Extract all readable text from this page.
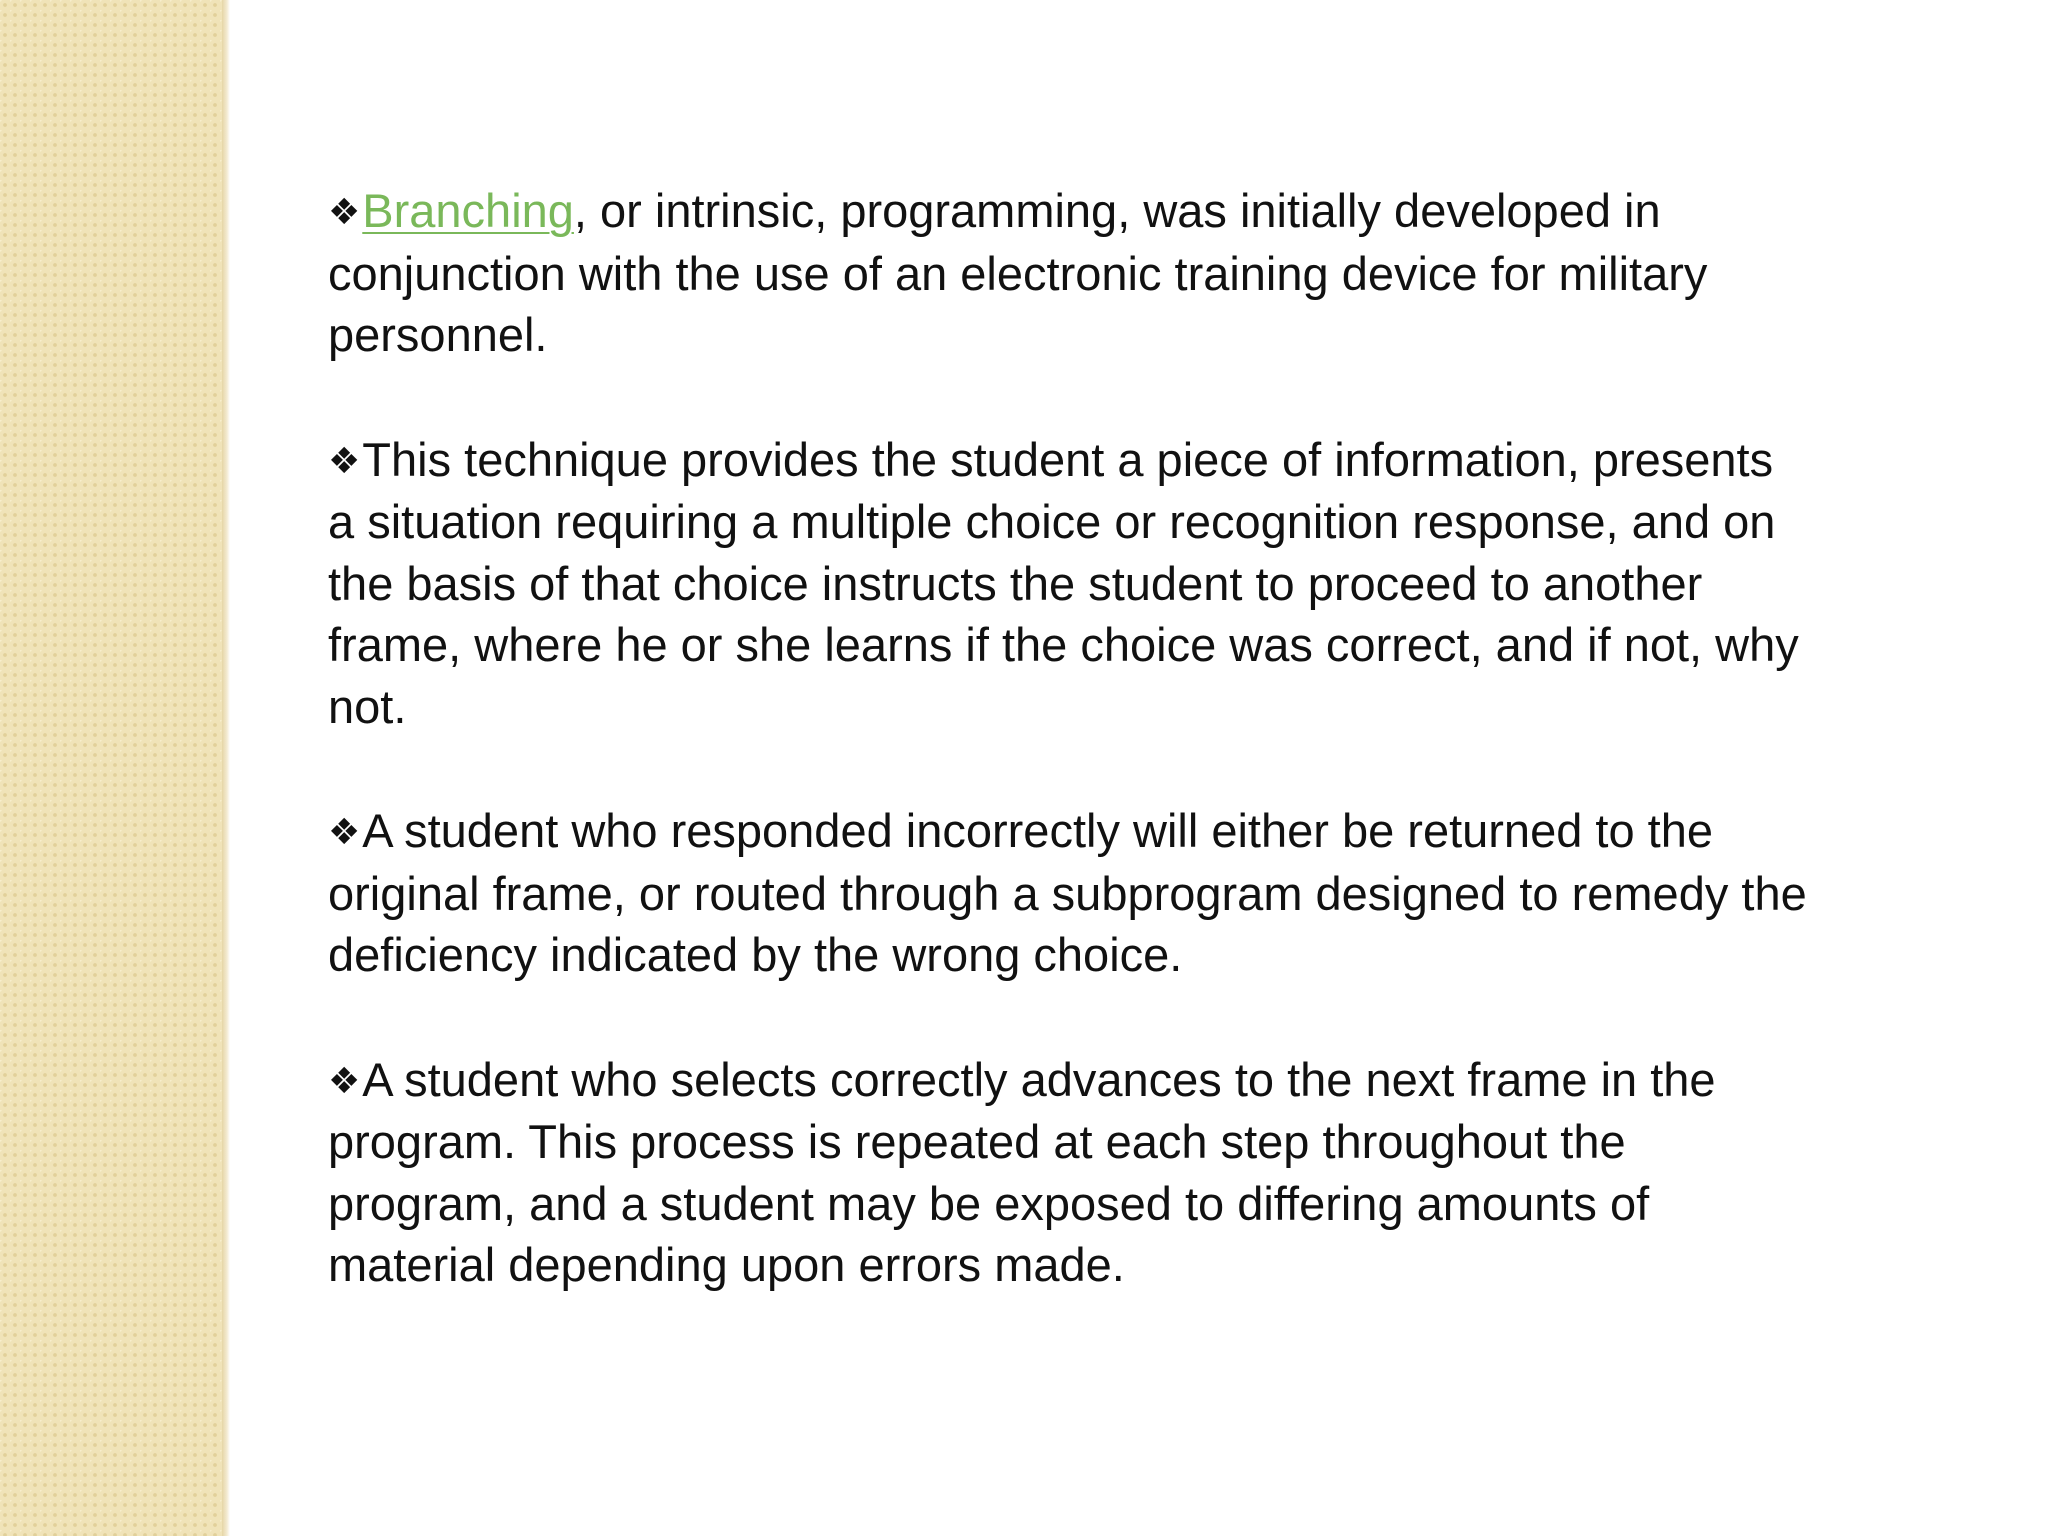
❖Branching, or intrinsic, programming, was initially developed in conjunction with the use of an electronic training device for military personnel.

❖This technique provides the student a piece of information, presents a situation requiring a multiple choice or recognition response, and on the basis of that choice instructs the student to proceed to another frame, where he or she learns if the choice was correct, and if not, why not.

❖A student who responded incorrectly will either be returned to the original frame, or routed through a subprogram designed to remedy the deficiency indicated by the wrong choice.

❖A student who selects correctly advances to the next frame in the program. This process is repeated at each step throughout the program, and a student may be exposed to differing amounts of material depending upon errors made.
